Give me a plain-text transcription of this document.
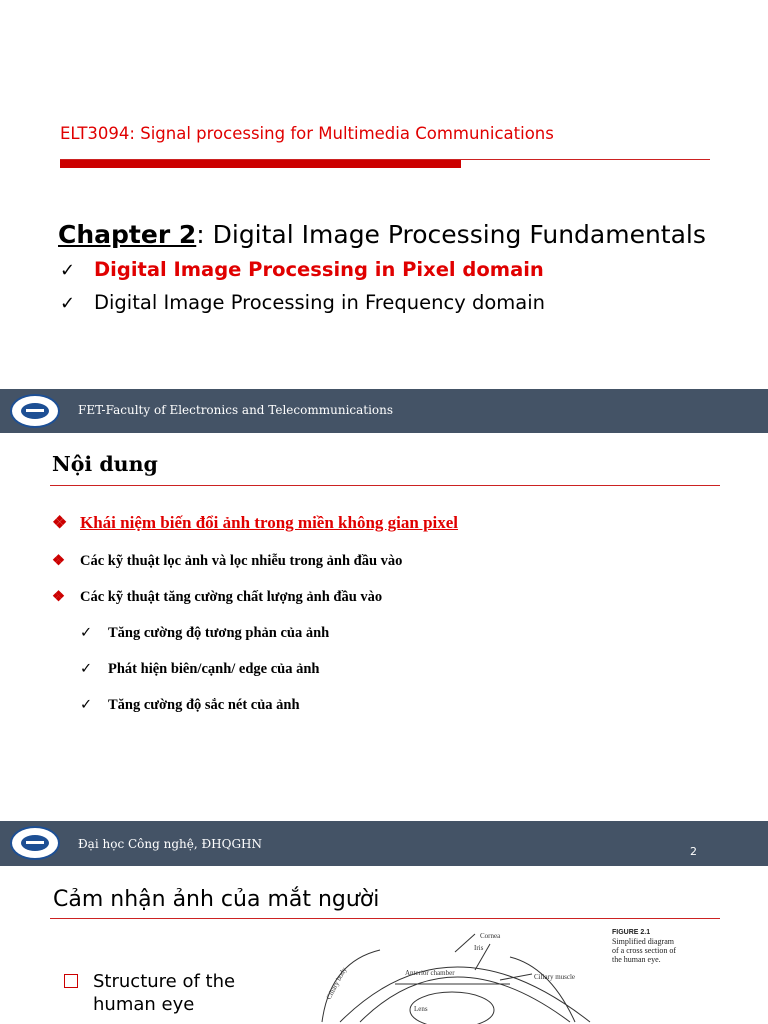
ELT3094: Signal processing for Multimedia Communications
Chapter 2: Digital Image Processing Fundamentals
✓ Digital Image Processing in Pixel domain
✓ Digital Image Processing in Frequency domain
FET-Faculty of Electronics and Telecommunications
Nội dung
❖ Khái niệm biến đổi ảnh trong miền không gian pixel
❖	Các kỹ thuật lọc ảnh và lọc nhiễu trong ảnh đầu vào
❖	Các kỹ thuật tăng cường chất lượng ảnh đầu vào
✓	Tăng cường độ tương phản của ảnh
✓	Phát hiện biên/cạnh/ edge của ảnh
✓	Tăng cường độ sắc nét của ảnh
Đại học Công nghệ, ĐHQGHN
2
Cảm nhận ảnh của mắt người
Structure of the human eye
Cornea
Iris
Ciliary body	Anterior chamber	Ciliary muscle
Lens
FIGURE 2.1
Simplified diagram of a cross section of the human eye.
